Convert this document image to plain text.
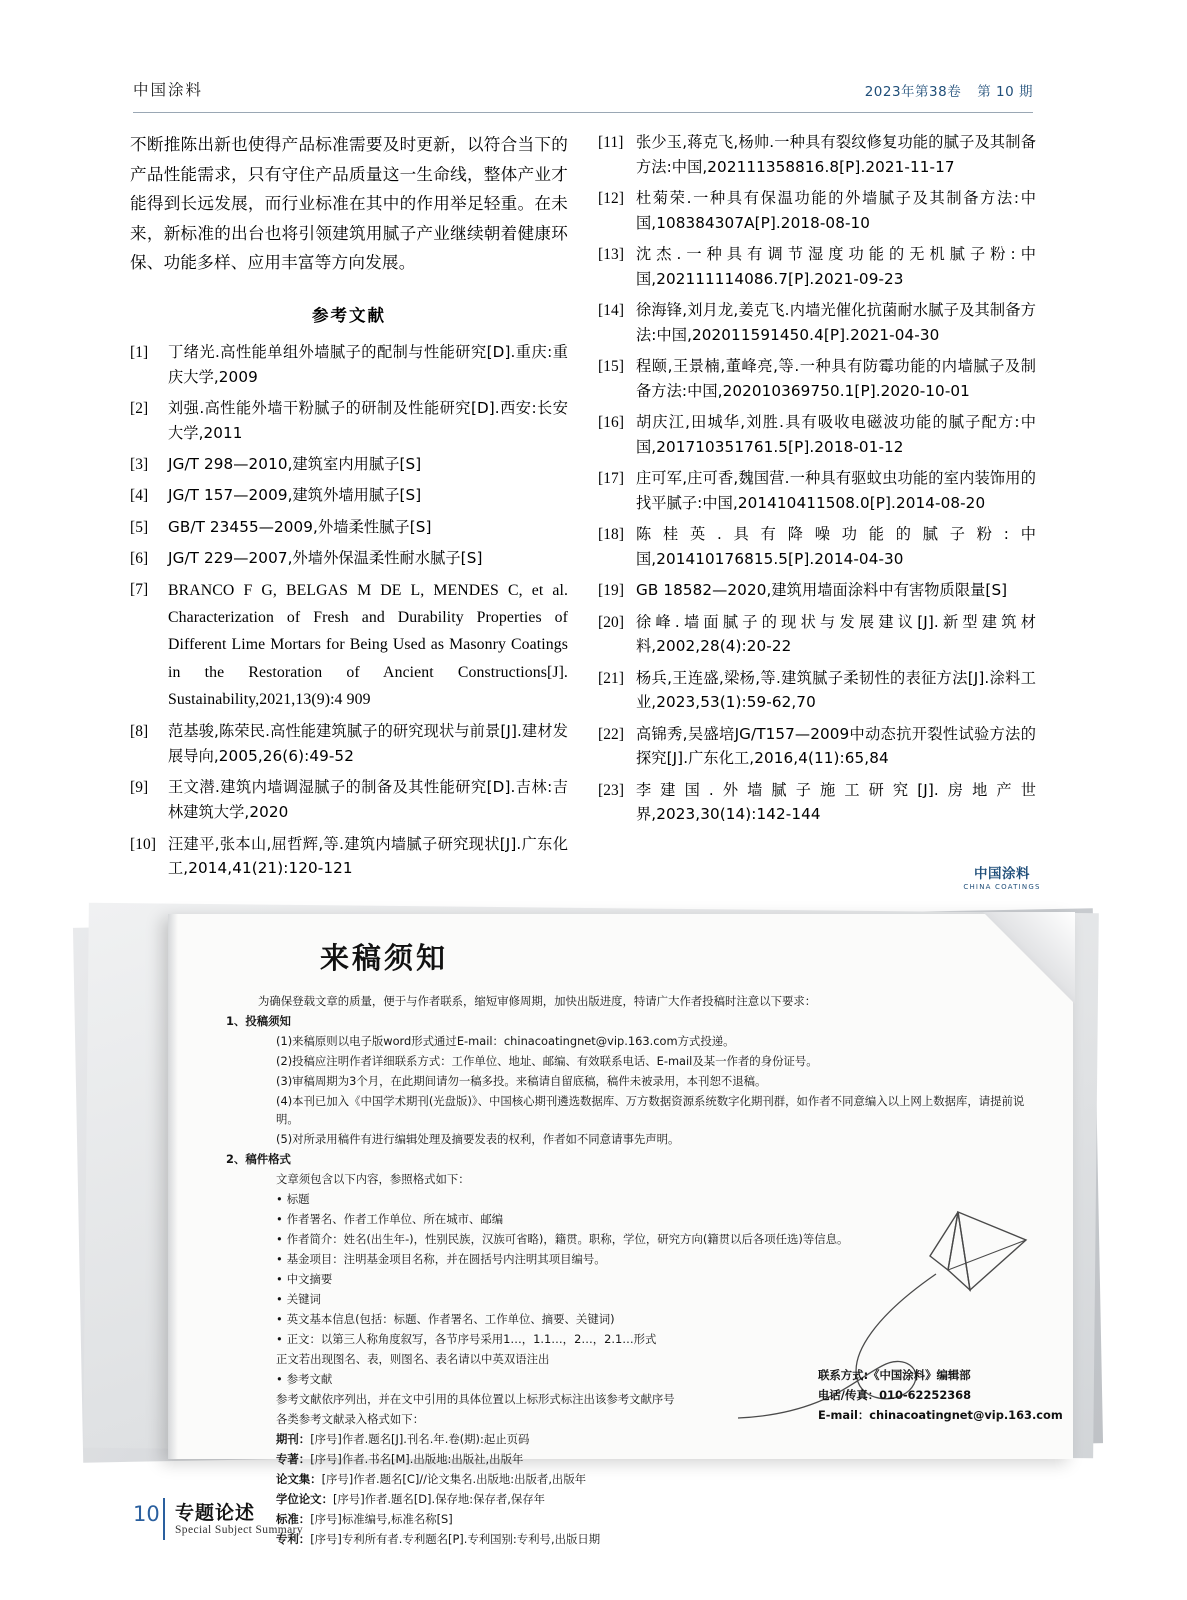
中国涂料	2023年第38卷 第 10 期

不断推陈出新也使得产品标准需要及时更新，以符合当下的产品性能需求，只有守住产品质量这一生命线，整体产业才能得到长远发展，而行业标准在其中的作用举足轻重。在未来，新标准的出台也将引领建筑用腻子产业继续朝着健康环保、功能多样、应用丰富等方向发展。

参考文献
[1]	丁绪光.高性能单组外墙腻子的配制与性能研究[D].重庆:重庆大学,2009
[2]	刘强.高性能外墙干粉腻子的研制及性能研究[D].西安:长安大学,2011
[3]	JG/T 298—2010,建筑室内用腻子[S]
[4]	JG/T 157—2009,建筑外墙用腻子[S]
[5]	GB/T 23455—2009,外墙柔性腻子[S]
[6]	JG/T 229—2007,外墙外保温柔性耐水腻子[S]
[7]	BRANCO F G, BELGAS M DE L, MENDES C, et al. Characterization of Fresh and Durability Properties of Different Lime Mortars for Being Used as Masonry Coatings in the Restoration of Ancient Constructions[J]. Sustainability,2021,13(9):4 909
[8]	范基骏,陈荣民.高性能建筑腻子的研究现状与前景[J].建材发展导向,2005,26(6):49-52
[9]	王文潜.建筑内墙调湿腻子的制备及其性能研究[D].吉林:吉林建筑大学,2020
[10] 汪建平,张本山,屈哲辉,等.建筑内墙腻子研究现状[J].广东化工,2014,41(21):120-121
[11] 张少玉,蒋克飞,杨帅.一种具有裂纹修复功能的腻子及其制备方法:中国,202111358816.8[P].2021-11-17
[12] 杜菊荣.一种具有保温功能的外墙腻子及其制备方法:中国,108384307A[P].2018-08-10
[13] 沈杰.一种具有调节湿度功能的无机腻子粉:中国,202111114086.7[P].2021-09-23
[14] 徐海锋,刘月龙,姜克飞.内墙光催化抗菌耐水腻子及其制备方法:中国,202011591450.4[P].2021-04-30
[15] 程颐,王景楠,董峰亮,等.一种具有防霉功能的内墙腻子及制备方法:中国,202010369750.1[P].2020-10-01
[16] 胡庆江,田城华,刘胜.具有吸收电磁波功能的腻子配方:中国,201710351761.5[P].2018-01-12
[17] 庄可军,庄可香,魏国营.一种具有驱蚊虫功能的室内装饰用的找平腻子:中国,201410411508.0[P].2014-08-20
[18] 陈桂英.具有降噪功能的腻子粉:中国,201410176815.5[P].2014-04-30
[19] GB 18582—2020,建筑用墙面涂料中有害物质限量[S]
[20] 徐峰.墙面腻子的现状与发展建议[J].新型建筑材料,2002,28(4):20-22
[21] 杨兵,王连盛,梁杨,等.建筑腻子柔韧性的表征方法[J].涂料工业,2023,53(1):59-62,70
[22] 高锦秀,吴盛培JG/T157—2009中动态抗开裂性试验方法的探究[J].广东化工,2016,4(11):65,84
[23] 李建国.外墙腻子施工研究[J].房地产世界,2023,30(14):142-144
中国涂料
CHINA COATINGS
来稿须知
为确保登载文章的质量，便于与作者联系，缩短审修周期，加快出版进度，特请广大作者投稿时注意以下要求：
1、投稿须知
(1)来稿原则以电子版word形式通过E-mail：chinacoatingnet@vip.163.com方式投递。
(2)投稿应注明作者详细联系方式：工作单位、地址、邮编、有效联系电话、E-mail及某一作者的身份证号。
(3)审稿周期为3个月，在此期间请勿一稿多投。来稿请自留底稿，稿件未被录用，本刊恕不退稿。
(4)本刊已加入《中国学术期刊(光盘版)》、中国核心期刊遴选数据库、万方数据资源系统数字化期刊群，如作者不同意编入以上网上数据库，请提前说明。
(5)对所录用稿件有进行编辑处理及摘要发表的权利，作者如不同意请事先声明。
2、稿件格式
文章须包含以下内容，参照格式如下：
• 标题
• 作者署名、作者工作单位、所在城市、邮编
• 作者简介：姓名(出生年-)，性别民族，汉族可省略)，籍贯。职称，学位，研究方向(籍贯以后各项任选)等信息。
• 基金项目：注明基金项目名称，并在圆括号内注明其项目编号。
• 中文摘要
• 关键词
• 英文基本信息(包括：标题、作者署名、工作单位、摘要、关键词)
• 正文：以第三人称角度叙写，各节序号采用1…，1.1…，2…，2.1…形式
正文若出现图名、表，则图名、表名请以中英双语注出
• 参考文献
参考文献依序列出，并在文中引用的具体位置以上标形式标注出该参考文献序号
各类参考文献录入格式如下：
期刊：[序号]作者.题名[J].刊名.年.卷(期):起止页码
专著：[序号]作者.书名[M].出版地:出版社,出版年
论文集：[序号]作者.题名[C]//论文集名.出版地:出版者,出版年
学位论文：[序号]作者.题名[D].保存地:保存者,保存年
标准：[序号]标准编号,标准名称[S]
专利：[序号]专利所有者.专利题名[P].专利国别:专利号,出版日期
联系方式:《中国涂料》编辑部
电话/传真：010-62252368
E-mail：chinacoatingnet@vip.163.com
10 专题论述
Special Subject Summary
